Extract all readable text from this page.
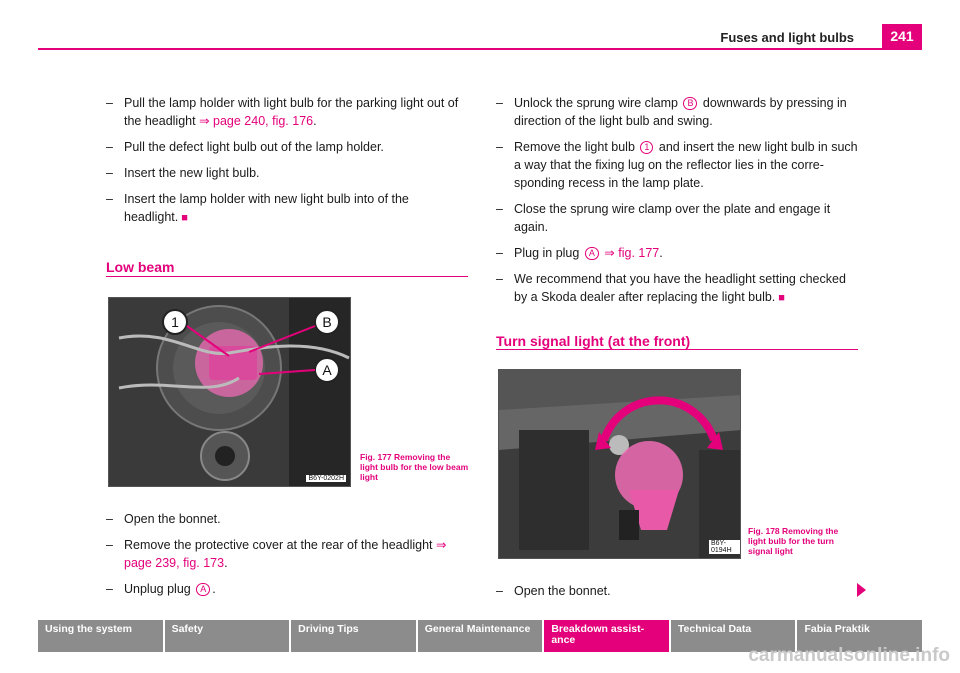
Fuses and light bulbs	241
– Pull the lamp holder with light bulb for the parking light out of the headlight ⇒ page 240, fig. 176.
– Pull the defect light bulb out of the lamp holder.
– Insert the new light bulb.
– Insert the lamp holder with new light bulb into of the headlight. ■
Low beam
1	B
A
B6Y-0202H
Fig. 177 Removing the light bulb for the low beam light
– Open the bonnet.
– Remove the protective cover at the rear of the headlight ⇒ page 239, fig. 173.
– Unplug plug A .
– Unlock the sprung wire clamp B downwards by pressing in direction of the light bulb and swing.
– Remove the light bulb 1 and insert the new light bulb in such a way that the fixing lug on the reflector lies in the corre-sponding recess in the lamp plate.
– Close the sprung wire clamp over the plate and engage it again.
– Plug in plug A ⇒ fig. 177.
– We recommend that you have the headlight setting checked by a Skoda dealer after replacing the light bulb. ■
Turn signal light (at the front)
B6Y-0194H
Fig. 178 Removing the light bulb for the turn signal light
– Open the bonnet.
Using the system	Safety	Driving Tips	General Maintenance	Breakdown assist-ance
Technical Data	Fabia Praktik
carmanualsonline.info
